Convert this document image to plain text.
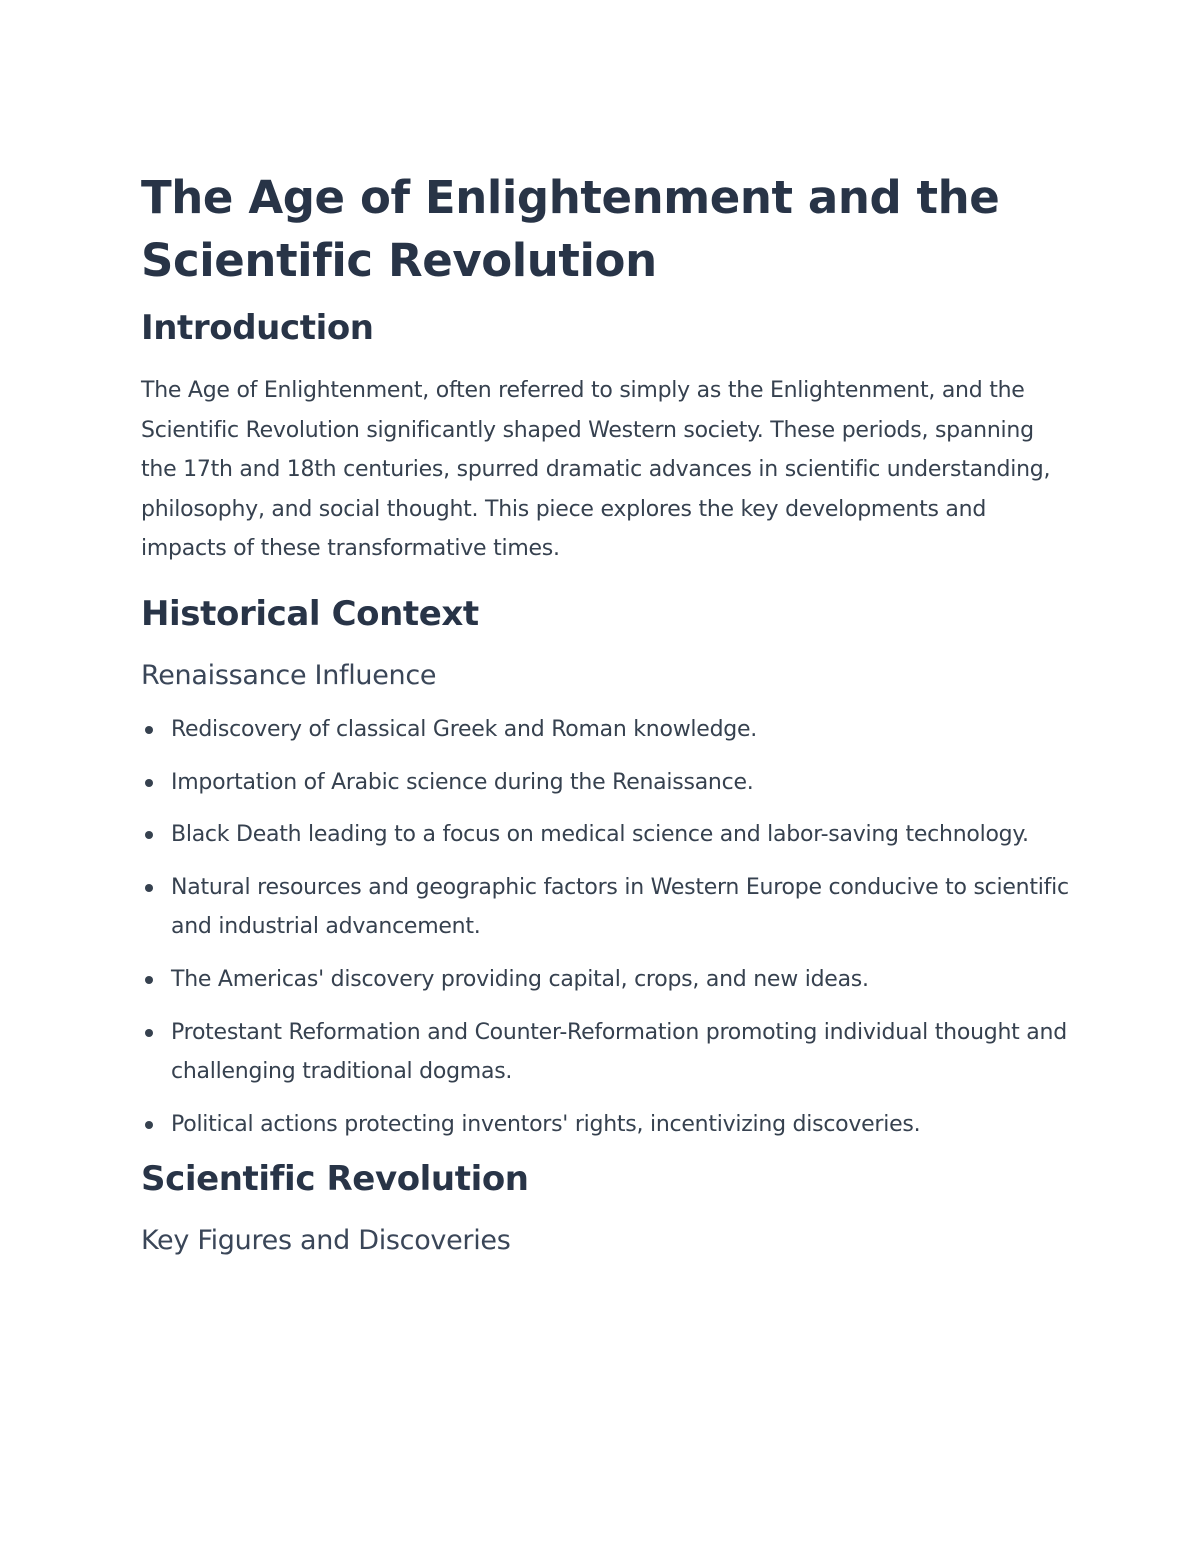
The Age of Enlightenment and the Scientific Revolution
Introduction

The Age of Enlightenment, often referred to simply as the Enlightenment, and the Scientific Revolution significantly shaped Western society. These periods, spanning the 17th and 18th centuries, spurred dramatic advances in scientific understanding, philosophy, and social thought. This piece explores the key developments and impacts of these transformative times.

Historical Context
Renaissance Influence
Rediscovery of classical Greek and Roman knowledge.
Importation of Arabic science during the Renaissance.
Black Death leading to a focus on medical science and labor-saving technology.
Natural resources and geographic factors in Western Europe conducive to scientific and industrial advancement.
The Americas' discovery providing capital, crops, and new ideas.
Protestant Reformation and Counter-Reformation promoting individual thought and challenging traditional dogmas.
Political actions protecting inventors' rights, incentivizing discoveries.
Scientific Revolution
Key Figures and Discoveries
